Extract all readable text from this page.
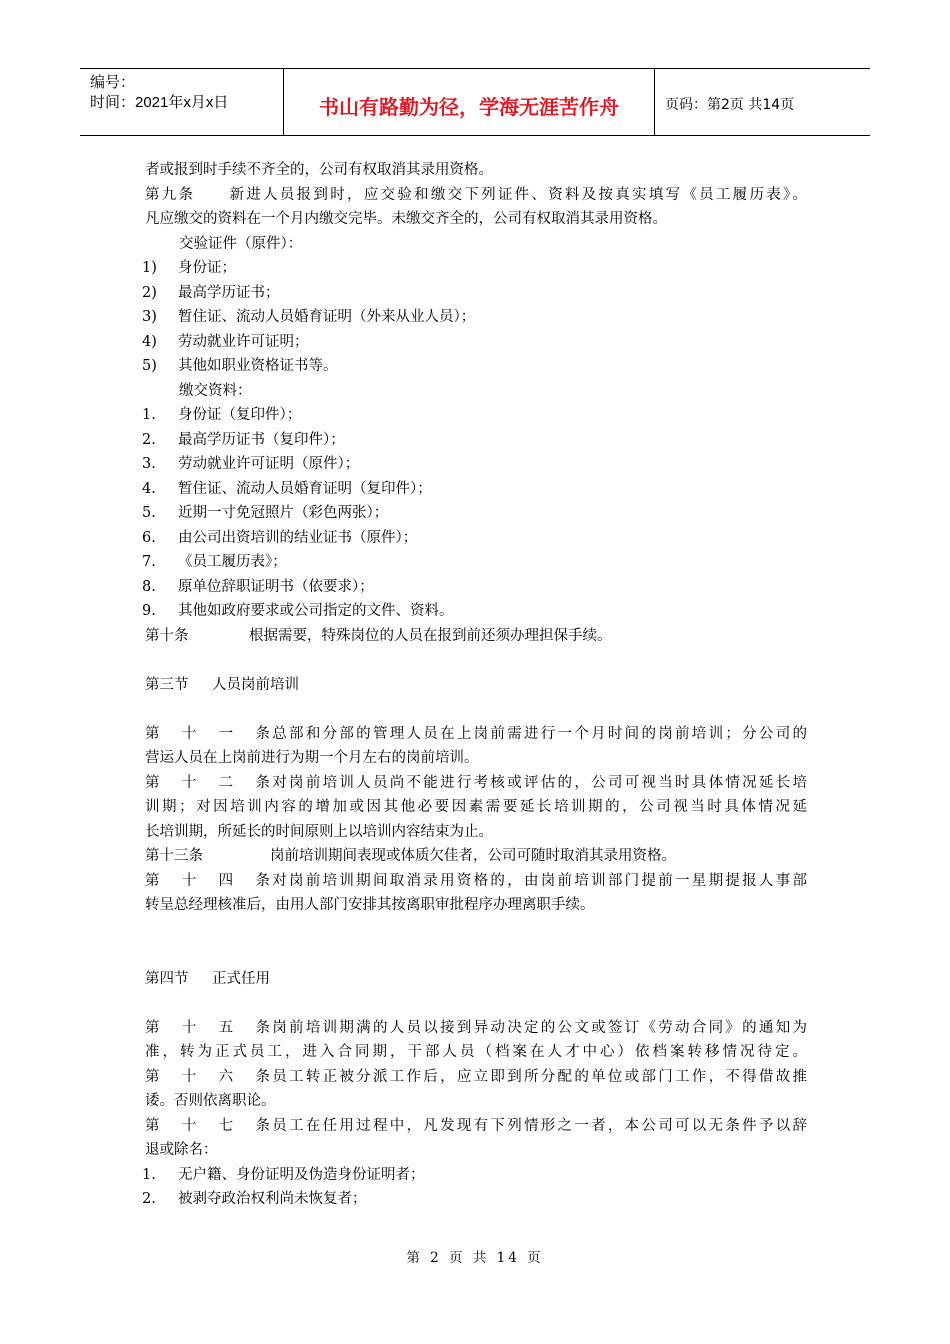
编号：
时间：2021年x月x日	书山有路勤为径，学海无涯苦作舟	页码：第2页 共14页
者或报到时手续不齐全的，公司有权取消其录用资格。
第九条 新进人员报到时，应交验和缴交下列证件、资料及按真实填写《员工履历表》。
凡应缴交的资料在一个月内缴交完毕。未缴交齐全的，公司有权取消其录用资格。
交验证件（原件）：
1) 身份证；
2) 最高学历证书；
3) 暂住证、流动人员婚育证明（外来从业人员）；
4) 劳动就业许可证明；
5) 其他如职业资格证书等。
缴交资料：
1. 身份证（复印件）；
2. 最高学历证书（复印件）；
3. 劳动就业许可证明（原件）；
4. 暂住证、流动人员婚育证明（复印件）；
5. 近期一寸免冠照片（彩色两张）；
6. 由公司出资培训的结业证书（原件）；
7. 《员工履历表》；
8. 原单位辞职证明书（依要求）；
9. 其他如政府要求或公司指定的文件、资料。
第十条	根据需要，特殊岗位的人员在报到前还须办理担保手续。
第三节 人员岗前培训
第十一条总部和分部的管理人员在上岗前需进行一个月时间的岗前培训；分公司的
营运人员在上岗前进行为期一个月左右的岗前培训。
第十二条对岗前培训人员尚不能进行考核或评估的，公司可视当时具体情况延长培
训期；对因培训内容的增加或因其他必要因素需要延长培训期的，公司视当时具体情况延
长培训期，所延长的时间原则上以培训内容结束为止。
第十三条	岗前培训期间表现或体质欠佳者，公司可随时取消其录用资格。
第十四条对岗前培训期间取消录用资格的，由岗前培训部门提前一星期提报人事部
转呈总经理核准后，由用人部门安排其按离职审批程序办理离职手续。
第四节 正式任用
第十五条岗前培训期满的人员以接到异动决定的公文或签订《劳动合同》的通知为
准，转为正式员工，进入合同期，干部人员（档案在人才中心）依档案转移情况待定。
第十六条员工转正被分派工作后，应立即到所分配的单位或部门工作，不得借故推
诿。否则依离职论。
第十七条员工在任用过程中，凡发现有下列情形之一者，本公司可以无条件予以辞
退或除名：
1. 无户籍、身份证明及伪造身份证明者；
2. 被剥夺政治权利尚未恢复者；
第 2 页 共 14 页
